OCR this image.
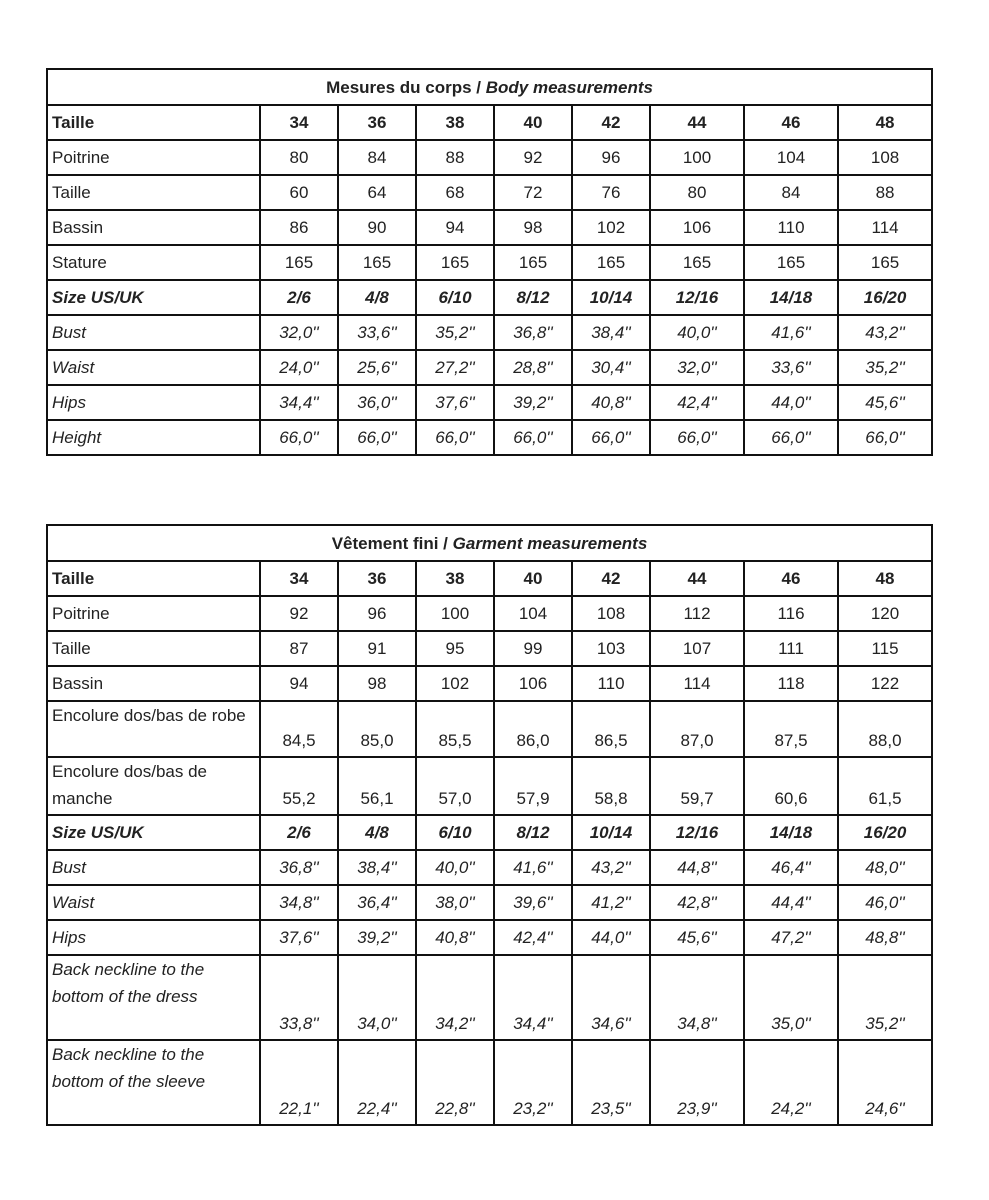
Mesures du corps / Body measurements								
Taille	34	36	38	40	42	44	46	48
Poitrine	80	84	88	92	96	100	104	108
Taille	60	64	68	72	76	80	84	88
Bassin	86	90	94	98	102	106	110	114
Stature	165	165	165	165	165	165	165	165
Size US/UK	2/6	4/8	6/10	8/12	10/14	12/16	14/18	16/20
Bust	32,0''	33,6''	35,2''	36,8''	38,4''	40,0''	41,6''	43,2''
Waist	24,0''	25,6''	27,2''	28,8''	30,4''	32,0''	33,6''	35,2''
Hips	34,4''	36,0''	37,6''	39,2''	40,8''	42,4''	44,0''	45,6''
Height	66,0''	66,0''	66,0''	66,0''	66,0''	66,0''	66,0''	66,0''
Vêtement fini / Garment measurements								
Taille	34	36	38	40	42	44	46	48
Poitrine	92	96	100	104	108	112	116	120
Taille	87	91	95	99	103	107	111	115
Bassin	94	98	102	106	110	114	118	122
Encolure dos/bas de robe	84,5	85,0	85,5	86,0	86,5	87,0	87,5	88,0
Encolure dos/bas de manche	55,2	56,1	57,0	57,9	58,8	59,7	60,6	61,5
Size US/UK	2/6	4/8	6/10	8/12	10/14	12/16	14/18	16/20
Bust	36,8''	38,4''	40,0''	41,6''	43,2''	44,8''	46,4''	48,0''
Waist	34,8''	36,4''	38,0''	39,6''	41,2''	42,8''	44,4''	46,0''
Hips	37,6''	39,2''	40,8''	42,4''	44,0''	45,6''	47,2''	48,8''
Back neckline to the bottom of the dress	33,8''	34,0''	34,2''	34,4''	34,6''	34,8''	35,0''	35,2''
Back neckline to the bottom of the sleeve	22,1''	22,4''	22,8''	23,2''	23,5''	23,9''	24,2''	24,6''
